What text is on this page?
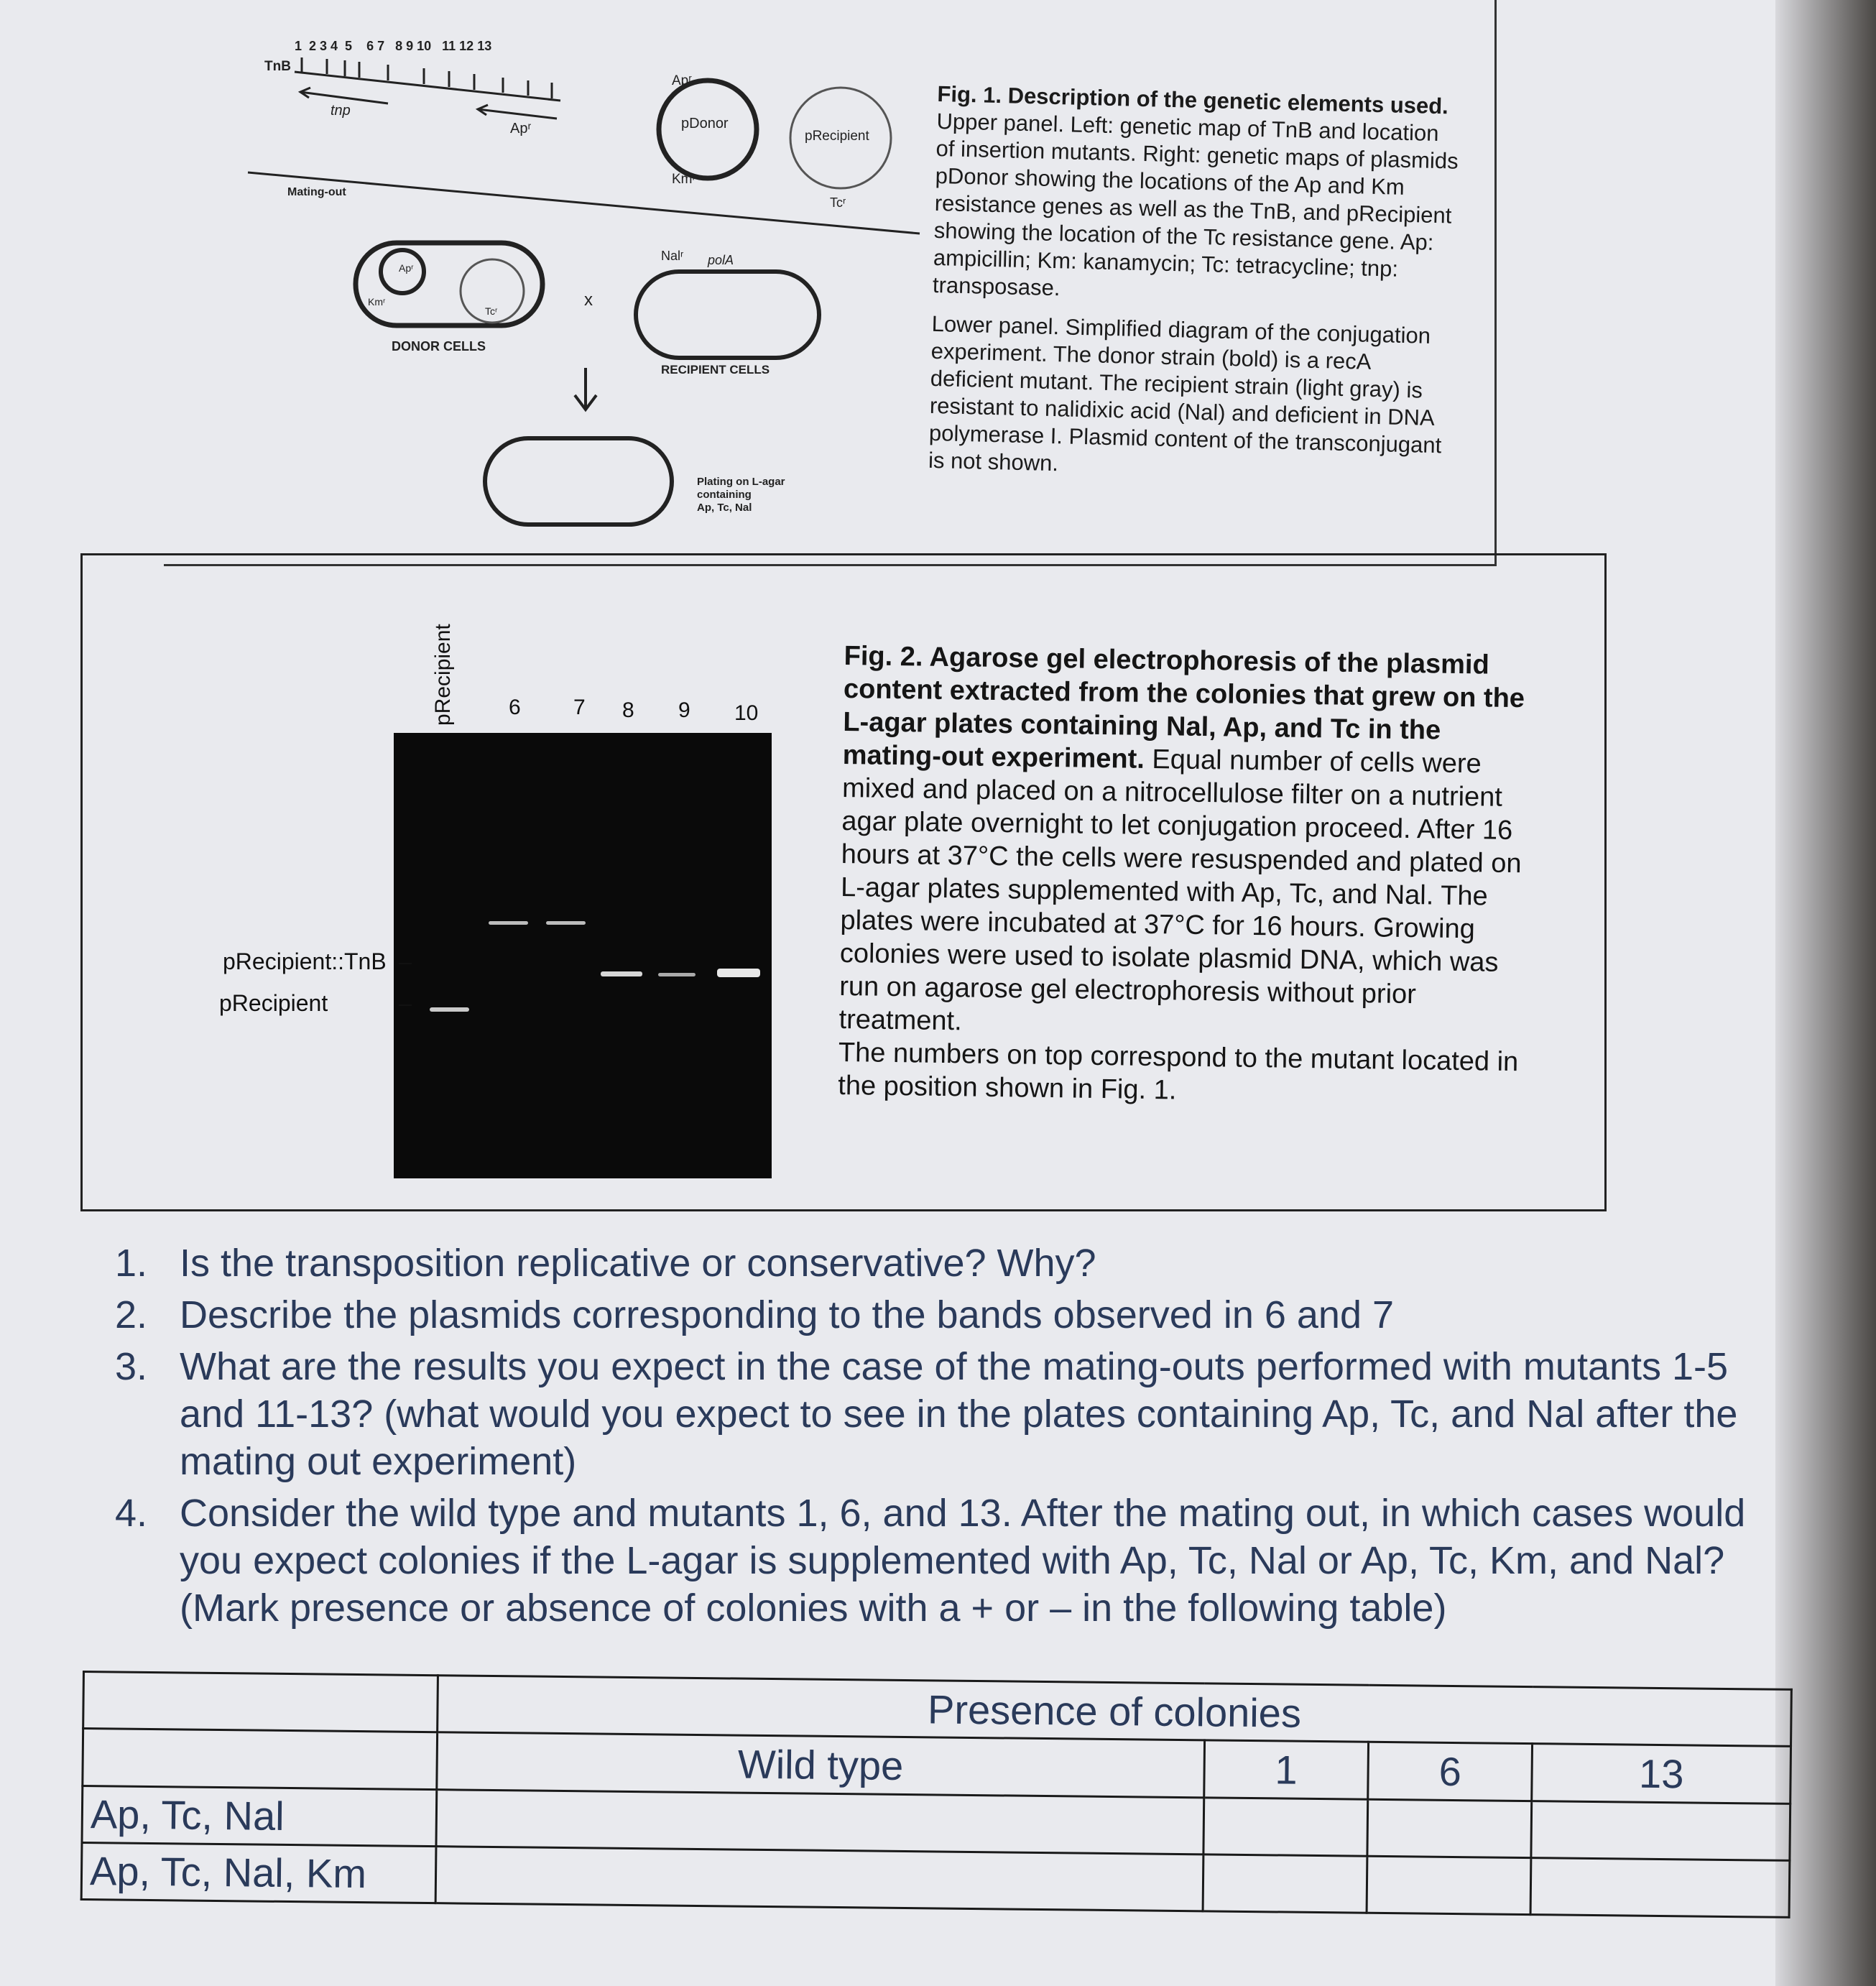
TnB
1  2 3 4  5    6 7   8 9 10   11 12 13
tnp
Apʳ
Mating-out
pDonor
Apʳ
Kmʳ
pRecipient
Tcʳ
Apʳ
Kmʳ
Tcʳ
DONOR CELLS
x
Nalʳ polA
RECIPIENT CELLS
Plating on L-agar
containing
Ap, Tc, Nal

Fig. 1. Description of the genetic elements used.
Upper panel. Left: genetic map of TnB and location of insertion mutants. Right: genetic maps of plasmids pDonor showing the locations of the Ap and Km resistance genes as well as the TnB, and pRecipient showing the location of the Tc resistance gene. Ap: ampicillin; Km: kanamycin; Tc: tetracycline; tnp: transposase.

Lower panel. Simplified diagram of the conjugation experiment. The donor strain (bold) is a recA deficient mutant. The recipient strain (light gray) is resistant to nalidixic acid (Nal) and deficient in DNA polymerase I. Plasmid content of the transconjugant is not shown.

pRecipient	6 7 8 9 10
pRecipient::TnB
pRecipient
Fig. 2. Agarose gel electrophoresis of the plasmid content extracted from the colonies that grew on the L-agar plates containing Nal, Ap, and Tc in the mating-out experiment. Equal number of cells were mixed and placed on a nitrocellulose filter on a nutrient agar plate overnight to let conjugation proceed. After 16 hours at 37°C the cells were resuspended and plated on L-agar plates supplemented with Ap, Tc, and Nal. The plates were incubated at 37°C for 16 hours. Growing colonies were used to isolate plasmid DNA, which was run on agarose gel electrophoresis without prior treatment.
The numbers on top correspond to the mutant located in the position shown in Fig. 1.
1. Is the transposition replicative or conservative? Why?
2. Describe the plasmids corresponding to the bands observed in 6 and 7
3. What are the results you expect in the case of the mating-outs performed with mutants 1-5 and 11-13? (what would you expect to see in the plates containing Ap, Tc, and Nal after the mating out experiment)
4. Consider the wild type and mutants 1, 6, and 13. After the mating out, in which cases would you expect colonies if the L-agar is supplemented with Ap, Tc, Nal or Ap, Tc, Km, and Nal? (Mark presence or absence of colonies with a + or – in the following table)
	Presence of colonies			
	Wild type	1	6	13
Ap, Tc, Nal				
Ap, Tc, Nal, Km				
